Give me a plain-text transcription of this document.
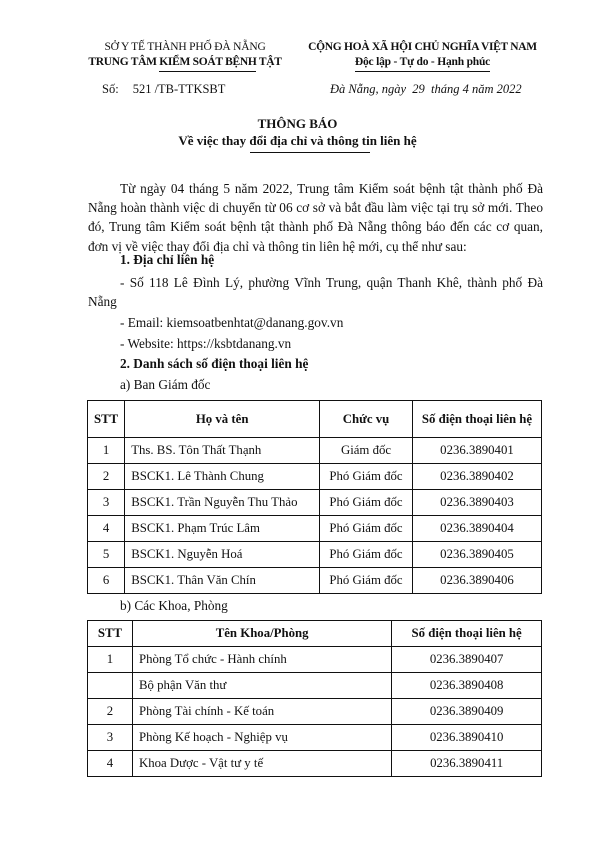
SỞ Y TẾ THÀNH PHỐ ĐÀ NẴNG
TRUNG TÂM KIỂM SOÁT BỆNH TẬT
CỘNG HOÀ XÃ HỘI CHỦ NGHĨA VIỆT NAM
Độc lập - Tự do - Hạnh phúc
Số: 521 /TB-TTKSBT	Đà Nẵng, ngày  29  tháng 4 năm 2022
THÔNG BÁO
Về việc thay đổi địa chỉ và thông tin liên hệ
Từ ngày 04 tháng 5 năm 2022, Trung tâm Kiểm soát bệnh tật thành phố Đà Nẵng hoàn thành việc di chuyển từ 06 cơ sở và bắt đầu làm việc tại trụ sở mới. Theo đó, Trung tâm Kiểm soát bệnh tật thành phố Đà Nẵng thông báo đến các cơ quan, đơn vị về việc thay đổi địa chỉ và thông tin liên hệ mới, cụ thể như sau:
1. Địa chỉ liên hệ
- Số 118 Lê Đình Lý, phường Vĩnh Trung, quận Thanh Khê, thành phố Đà Nẵng
- Email: kiemsoatbenhtat@danang.gov.vn
- Website: https://ksbtdanang.vn
2. Danh sách số điện thoại liên hệ
a) Ban Giám đốc
STT	Họ và tên	Chức vụ	Số điện thoại liên hệ
1	Ths. BS. Tôn Thất Thạnh	Giám đốc	0236.3890401
2	BSCK1. Lê Thành Chung	Phó Giám đốc	0236.3890402
3	BSCK1. Trần Nguyễn Thu Thảo	Phó Giám đốc	0236.3890403
4	BSCK1. Phạm Trúc Lâm	Phó Giám đốc	0236.3890404
5	BSCK1. Nguyễn Hoá	Phó Giám đốc	0236.3890405
6	BSCK1. Thân Văn Chín	Phó Giám đốc	0236.3890406
b) Các Khoa, Phòng
STT	Tên Khoa/Phòng	Số điện thoại liên hệ
1	Phòng Tổ chức - Hành chính	0236.3890407
	Bộ phận Văn thư	0236.3890408
2	Phòng Tài chính - Kế toán	0236.3890409
3	Phòng Kế hoạch - Nghiệp vụ	0236.3890410
4	Khoa Dược - Vật tư y tế	0236.3890411
